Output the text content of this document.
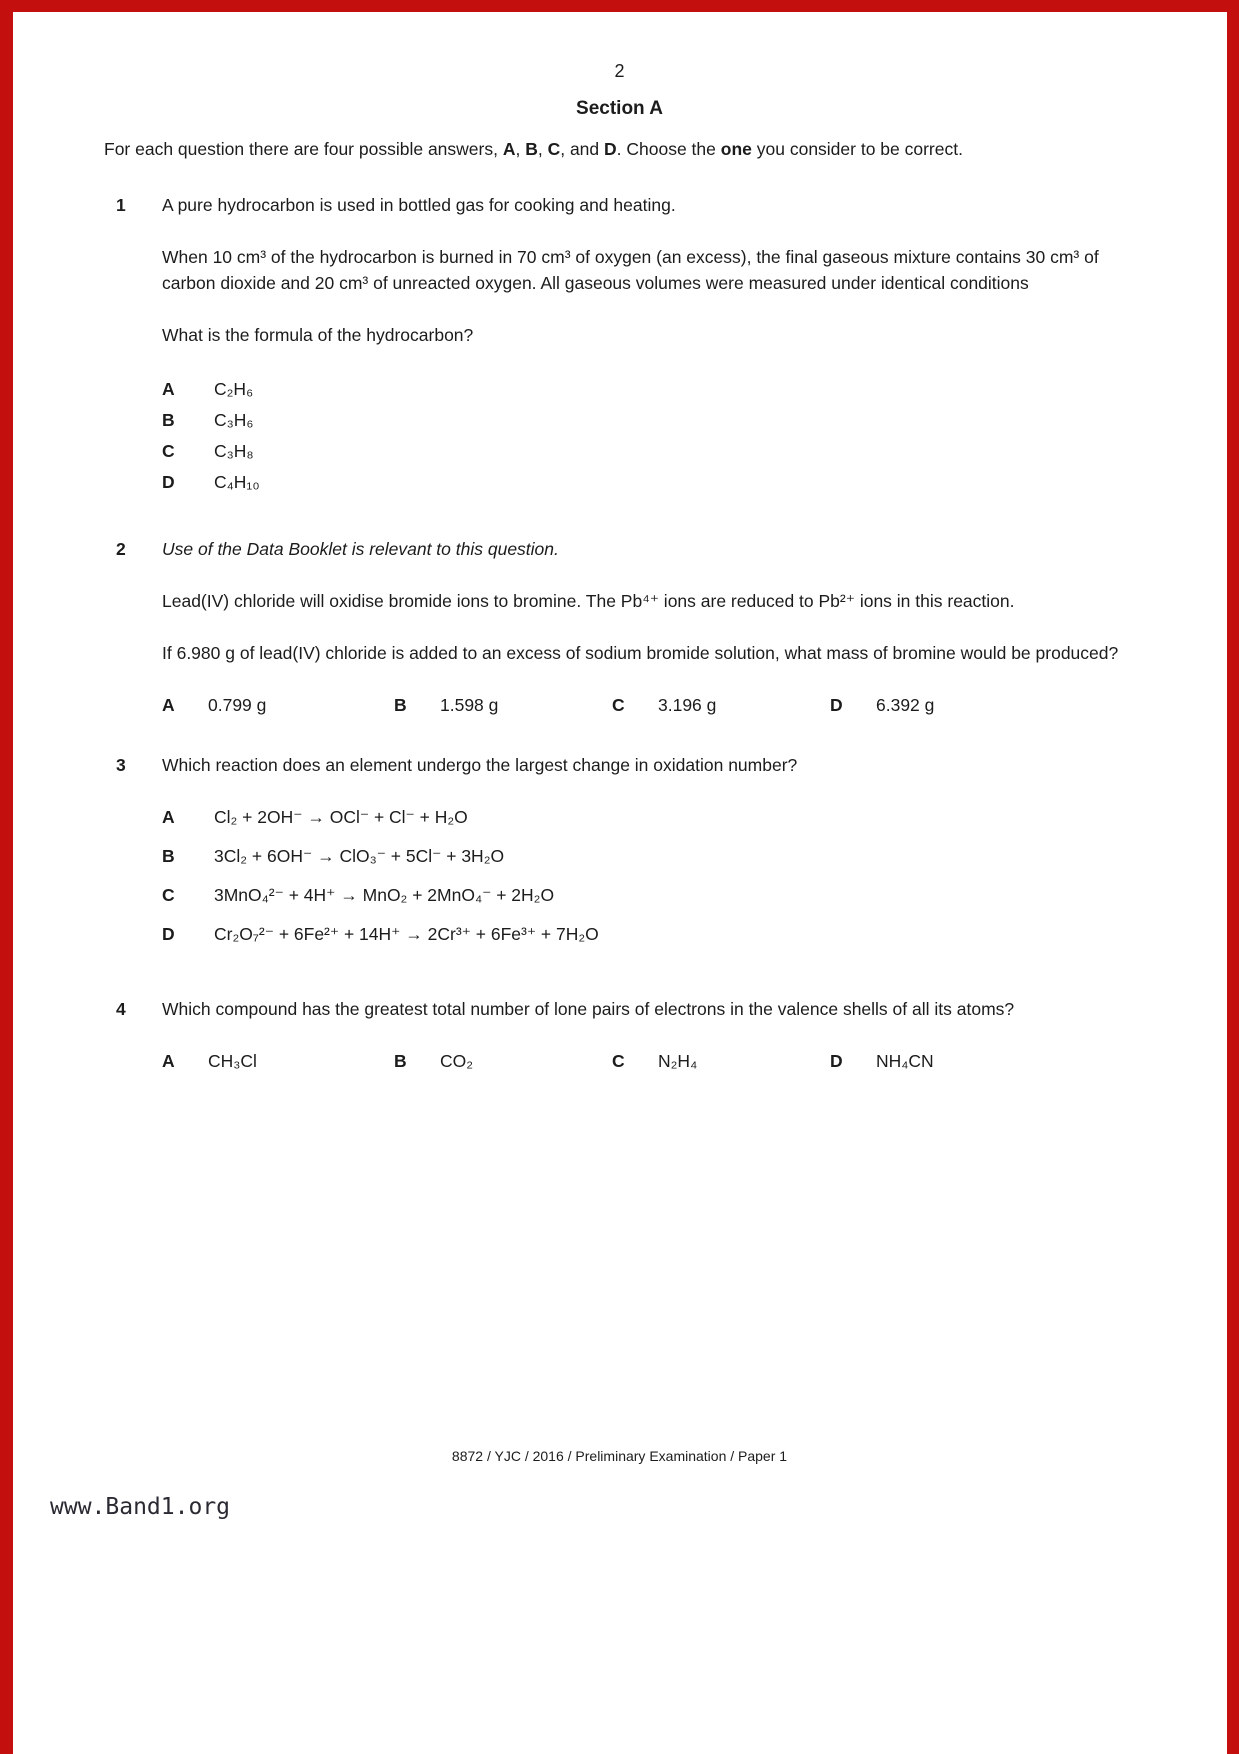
2
Section A
For each question there are four possible answers, A, B, C, and D. Choose the one you consider to be correct.
1	A pure hydrocarbon is used in bottled gas for cooking and heating.

When 10 cm³ of the hydrocarbon is burned in 70 cm³ of oxygen (an excess), the final gaseous mixture contains 30 cm³ of carbon dioxide and 20 cm³ of unreacted oxygen. All gaseous volumes were measured under identical conditions

What is the formula of the hydrocarbon?

A	C₂H₆
B	C₃H₆
C	C₃H₈
D	C₄H₁₀
2	Use of the Data Booklet is relevant to this question.

Lead(IV) chloride will oxidise bromide ions to bromine. The Pb⁴⁺ ions are reduced to Pb²⁺ ions in this reaction.

If 6.980 g of lead(IV) chloride is added to an excess of sodium bromide solution, what mass of bromine would be produced?

A	0.799 g	B	1.598 g	C	3.196 g	D	6.392 g
3	Which reaction does an element undergo the largest change in oxidation number?

A	Cl₂ + 2OH⁻ → OCl⁻ + Cl⁻ + H₂O
B	3Cl₂ + 6OH⁻ → ClO₃⁻ + 5Cl⁻ + 3H₂O
C	3MnO₄²⁻ + 4H⁺ → MnO₂ + 2MnO₄⁻ + 2H₂O
D	Cr₂O₇²⁻ + 6Fe²⁺ + 14H⁺ → 2Cr³⁺ + 6Fe³⁺ + 7H₂O
4	Which compound has the greatest total number of lone pairs of electrons in the valence shells of all its atoms?

A	CH₃Cl	B	CO₂	C	N₂H₄	D	NH₄CN
8872 / YJC / 2016 / Preliminary Examination / Paper 1
www.Band1.org
